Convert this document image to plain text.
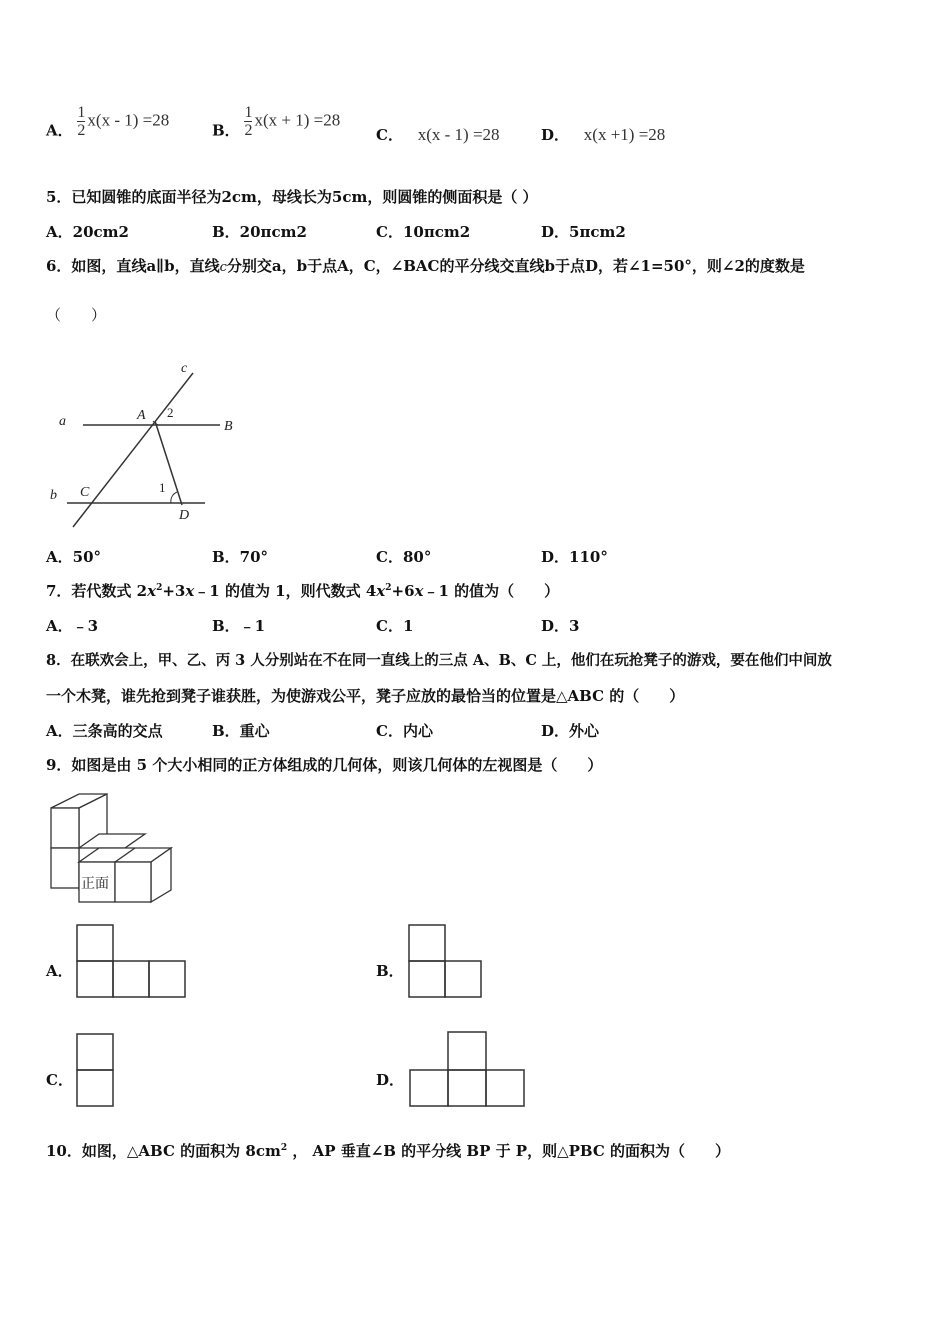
A． $\frac{1}{2} x(x - 1) =28$
B． $\frac{1}{2} x(x + 1) =28$
C． x(x - 1) =28	D． x(x +1) =28
5．已知圆锥的底面半径为2cm，母线长为5cm，则圆锥的侧面积是（ ）
A．20cm2	B．20πcm2	C．10πcm2	D．5πcm2
6．如图，直线a∥b，直线c分别交a，b于点A，C，∠BAC的平分线交直线b于点D，若∠1=50°，则∠2的度数是
（　　）
c
a	A 2
B
b C	1
D
A．50°	B．70°	C．80°	D．110°
7．若代数式 $2x^2+3x﹣1$ 的值为 1，则代数式 $4x^2+6x﹣1$ 的值为（　　）
A．﹣3	B．﹣1	C．1	D．3
8．在联欢会上，甲、乙、丙 3 人分别站在不在同一直线上的三点 A、B、C 上，他们在玩抢凳子的游戏，要在他们中间放
一个木凳，谁先抢到凳子谁获胜，为使游戏公平，凳子应放的最恰当的位置是△ABC 的（　　）
A．三条高的交点	B．重心	C．内心	D．外心
9．如图是由 5 个大小相同的正方体组成的几何体，则该几何体的左视图是（　　）
正面
A．	B．
C．	D．
10．如图，△ABC 的面积为 $8cm^2$ ， AP 垂直∠B 的平分线 BP 于 P，则△PBC 的面积为（　　）
